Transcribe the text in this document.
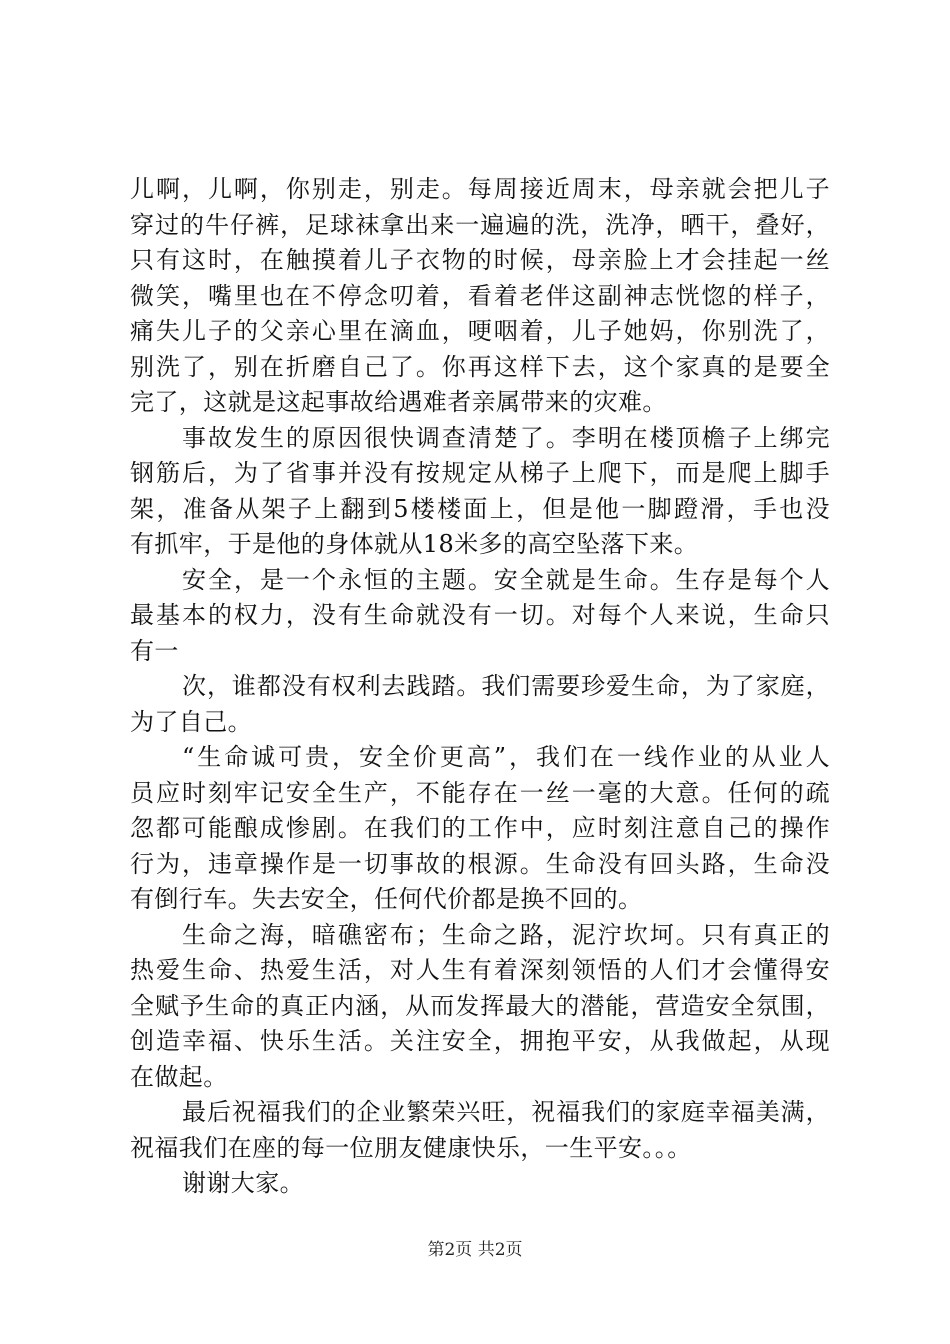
儿啊，儿啊，你别走，别走。每周接近周末，母亲就会把儿子
穿过的牛仔裤，足球袜拿出来一遍遍的洗，洗净，晒干，叠好，
只有这时，在触摸着儿子衣物的时候，母亲脸上才会挂起一丝
微笑，嘴里也在不停念叨着，看着老伴这副神志恍惚的样子，
痛失儿子的父亲心里在滴血，哽咽着，儿子她妈，你别洗了，
别洗了，别在折磨自己了。你再这样下去，这个家真的是要全
完了，这就是这起事故给遇难者亲属带来的灾难。
事故发生的原因很快调查清楚了。李明在楼顶檐子上绑完
钢筋后，为了省事并没有按规定从梯子上爬下，而是爬上脚手
架，准备从架子上翻到5楼楼面上，但是他一脚蹬滑，手也没
有抓牢，于是他的身体就从18米多的高空坠落下来。
安全，是一个永恒的主题。安全就是生命。生存是每个人
最基本的权力，没有生命就没有一切。对每个人来说，生命只
有一
次，谁都没有权利去践踏。我们需要珍爱生命，为了家庭，
为了自己。
“生命诚可贵，安全价更高”，我们在一线作业的从业人
员应时刻牢记安全生产，不能存在一丝一毫的大意。任何的疏
忽都可能酿成惨剧。在我们的工作中，应时刻注意自己的操作
行为，违章操作是一切事故的根源。生命没有回头路，生命没
有倒行车。失去安全，任何代价都是换不回的。
生命之海，暗礁密布；生命之路，泥泞坎坷。只有真正的
热爱生命、热爱生活，对人生有着深刻领悟的人们才会懂得安
全赋予生命的真正内涵，从而发挥最大的潜能，营造安全氛围，
创造幸福、快乐生活。关注安全，拥抱平安，从我做起，从现
在做起。
最后祝福我们的企业繁荣兴旺，祝福我们的家庭幸福美满，
祝福我们在座的每一位朋友健康快乐，一生平安。。。
谢谢大家。
第2页 共2页
